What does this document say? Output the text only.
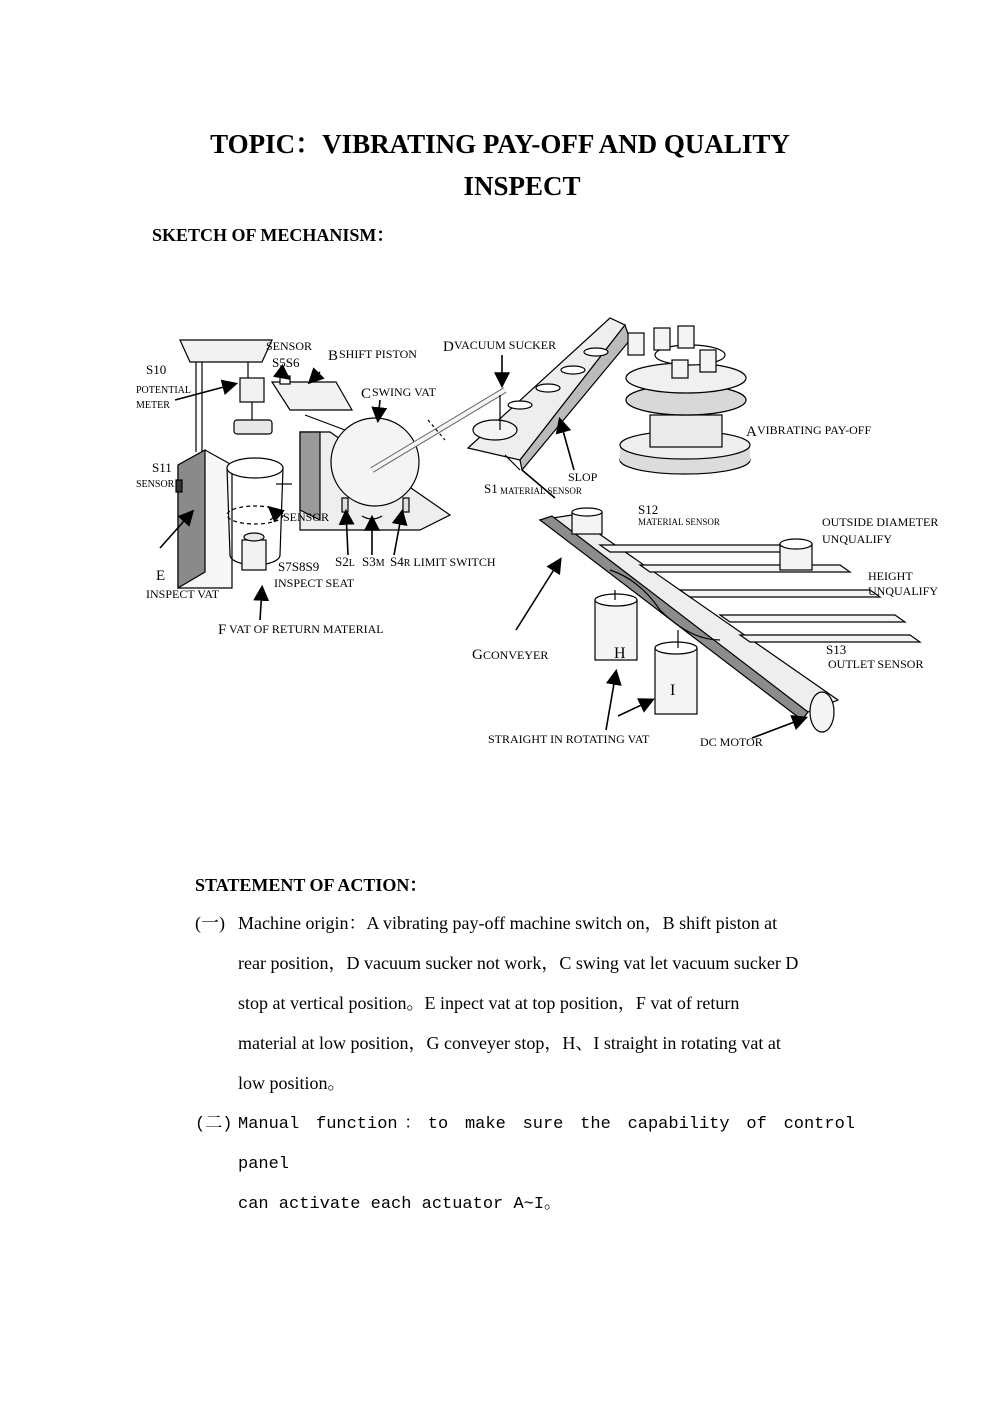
TOPIC：VIBRATING PAY-OFF AND QUALITY
INSPECT
SKETCH OF MECHANISM：
S10
POTENTIAL
METER
SENSOR
S5S6 B SHIFT PISTON D VACUUM SUCKER
C SWING VAT
A VIBRATING PAY-OFF
S11
SENSOR
SLOP
S1 MATERIAL SENSOR
SENSOR	S12
MATERIAL SENSOR	OUTSIDE DIAMETER
UNQUALIFY
S2L S3M S4R LIMIT SWITCH
S7S8S9
INSPECT SEAT
E
INSPECT VAT
HEIGHT
UNQUALIFY
F VAT OF RETURN MATERIAL
G CONVEYER	H
I
S13
OUTLET SENSOR
STRAIGHT IN ROTATING VAT	DC MOTOR
STATEMENT OF ACTION：
(一) Machine origin：A vibrating pay-off machine switch on，B shift piston at
rear position，D vacuum sucker not work，C swing vat let vacuum sucker D
stop at vertical position。E inpect vat at top position，F vat of return
material at low position，G conveyer stop，H、I straight in rotating vat at
low position。
(二) Manual function：to make sure the capability of control panel
can activate each actuator A~I。
